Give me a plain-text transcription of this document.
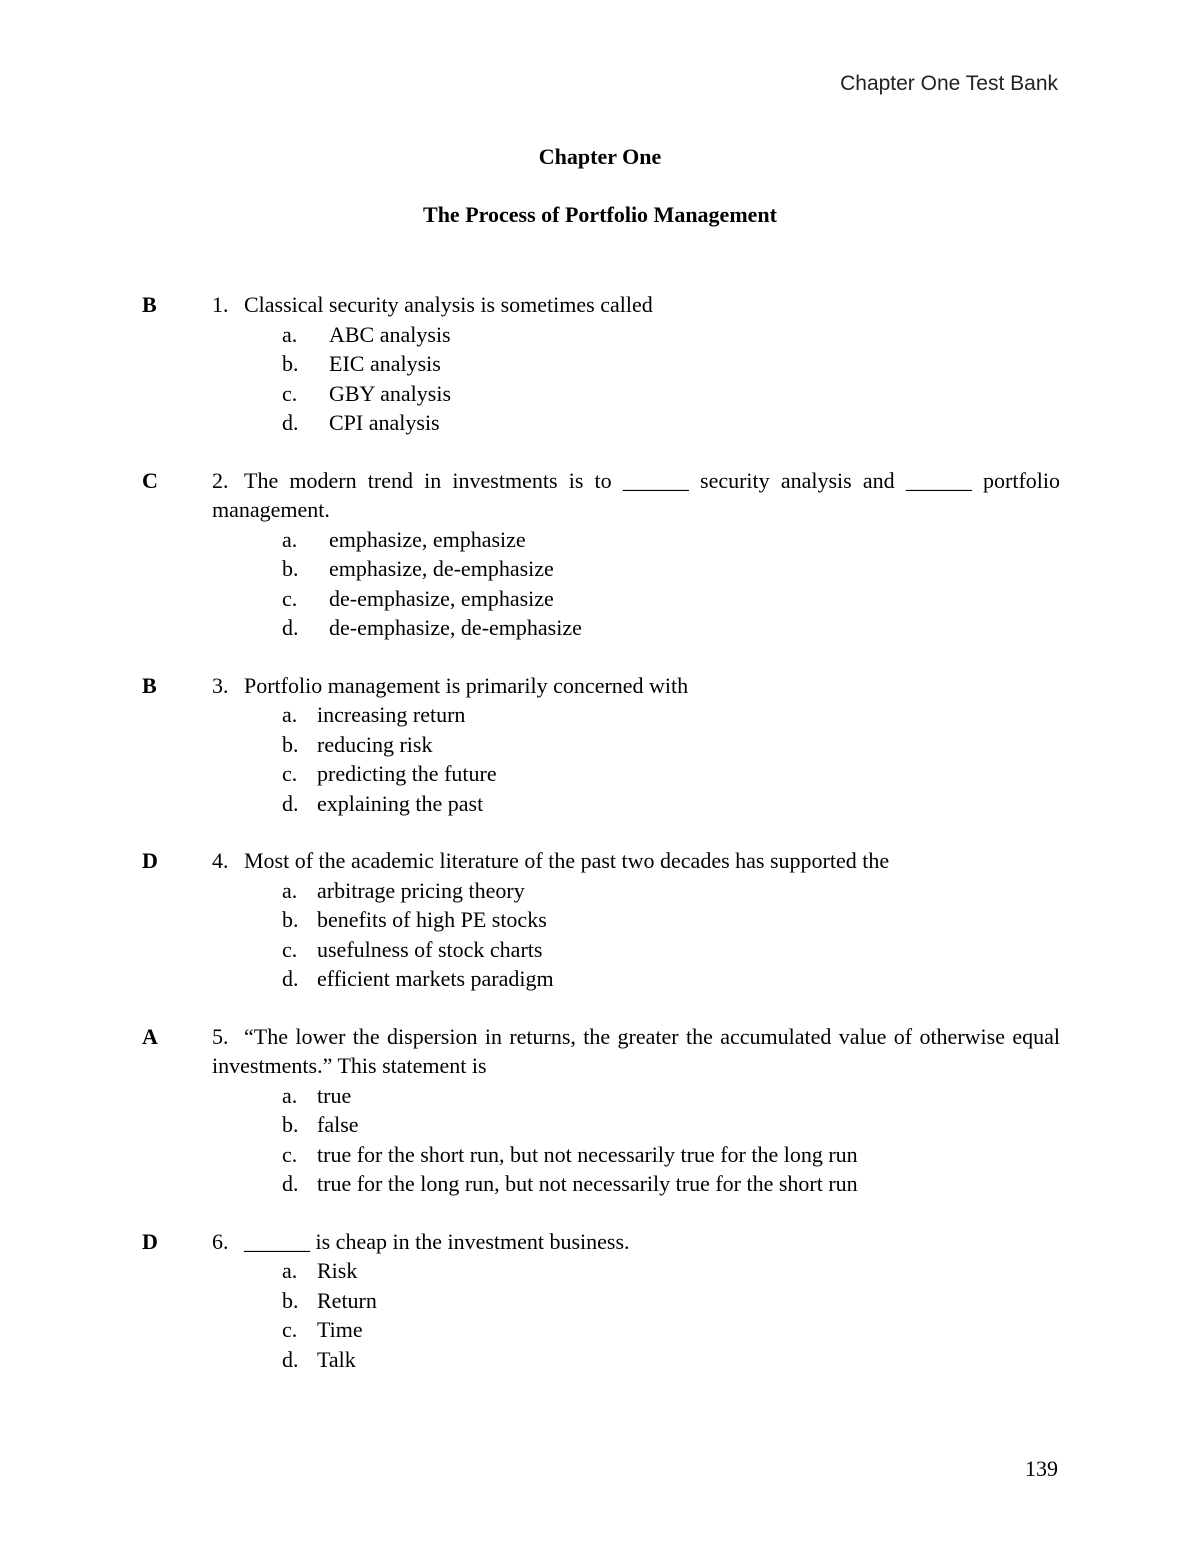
Chapter One Test Bank
Chapter One
The Process of Portfolio Management
B	1. Classical security analysis is sometimes called
a.	ABC analysis
b.	EIC analysis
c.	GBY analysis
d.	CPI analysis
C 2. The modern trend in investments is to ______ security analysis and ______ portfolio management.
a.	emphasize, emphasize
b.	emphasize, de-emphasize
c.	de-emphasize, emphasize
d.	de-emphasize, de-emphasize
B	3. Portfolio management is primarily concerned with
a. increasing return
b. reducing risk
c. predicting the future
d. explaining the past
D 4. Most of the academic literature of the past two decades has supported the
a. arbitrage pricing theory
b. benefits of high PE stocks
c. usefulness of stock charts
d. efficient markets paradigm
A 5. “The lower the dispersion in returns, the greater the accumulated value of otherwise equal investments.” This statement is
a. true
b. false
c. true for the short run, but not necessarily true for the long run
d. true for the long run, but not necessarily true for the short run
D 6. ______ is cheap in the investment business.
a. Risk
b. Return
c. Time
d. Talk
139
